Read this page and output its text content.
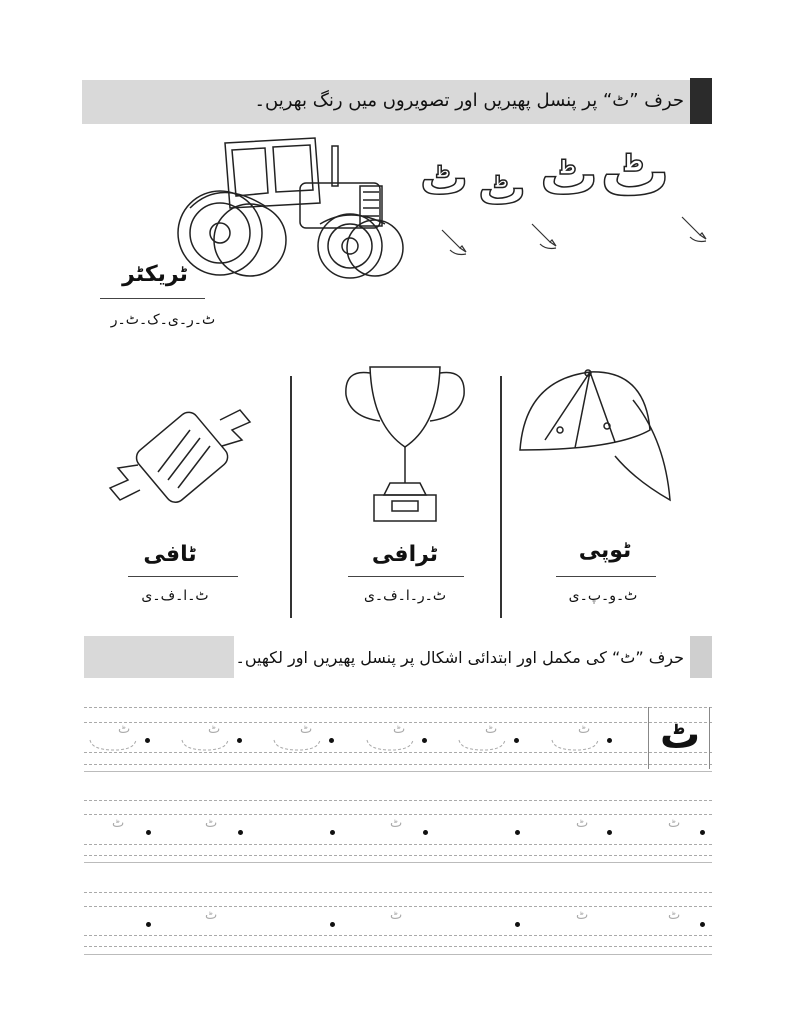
حرف ”ٹ“ پر پنسل پھیریں اور تصویروں میں رنگ بھریں۔
ٹریکٹر
ٹ۔ر۔ی۔ک۔ٹ۔ر
ٹ ٹ ٹ ٹ
ٹافی
ٹ۔ا۔ف۔ی
ٹرافی
ٹ۔ر۔ا۔ف۔ی
ٹوپی
ٹ۔و۔پ۔ی
حرف ”ٹ“ کی مکمل اور ابتدائی اشکال پر پنسل پھیریں اور لکھیں۔
ٹ
ٹ	ٹ	ٹ	ٹ	ٹ	ٹ
ٹ	ٹ	ٹ	ٹ	ٹ
ٹ	ٹ	ٹ	ٹ
